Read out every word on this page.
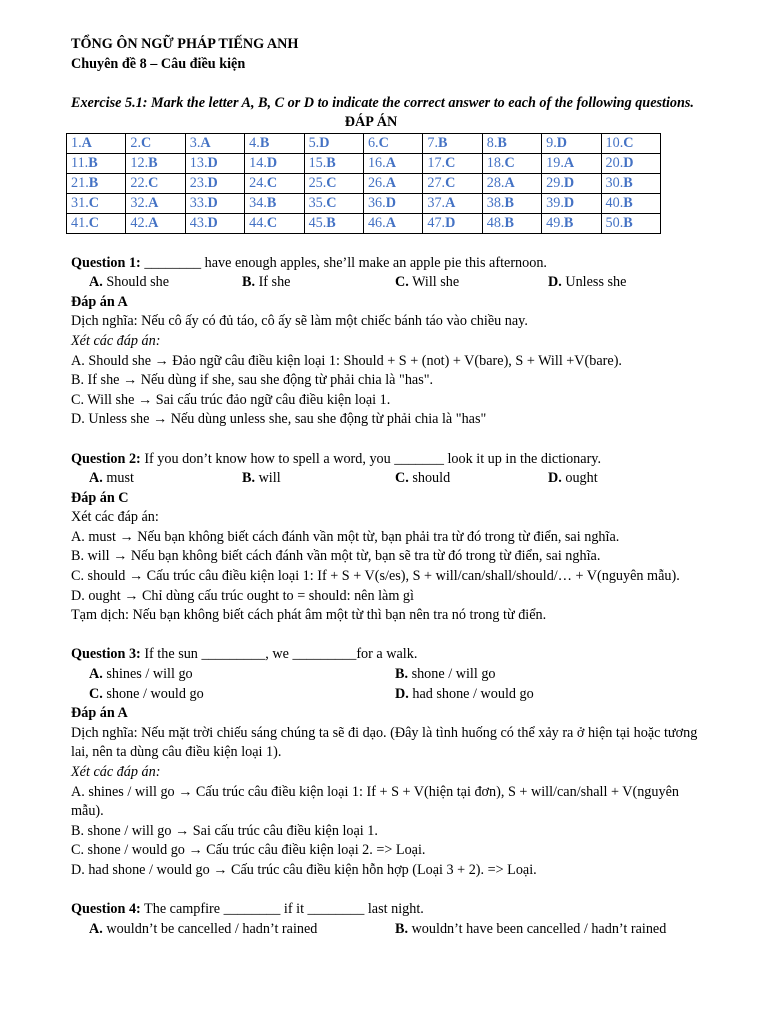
TỔNG ÔN NGỮ PHÁP TIẾNG ANH
Chuyên đề 8 – Câu điều kiện
Exercise 5.1: Mark the letter A, B, C or D to indicate the correct answer to each of the following questions.
ĐÁP ÁN
1.A	2.C	3.A	4.B	5.D	6.C	7.B	8.B	9.D	10.C
11.B	12.B	13.D	14.D	15.B	16.A	17.C	18.C	19.A	20.D
21.B	22.C	23.D	24.C	25.C	26.A	27.C	28.A	29.D	30.B
31.C	32.A	33.D	34.B	35.C	36.D	37.A	38.B	39.D	40.B
41.C	42.A	43.D	44.C	45.B	46.A	47.D	48.B	49.B	50.B
Question 1: ________ have enough apples, she’ll make an apple pie this afternoon.
A. Should she	B. If she	C. Will she	D. Unless she
Đáp án A
Dịch nghĩa: Nếu cô ấy có đủ táo, cô ấy sẽ làm một chiếc bánh táo vào chiều nay.
Xét các đáp án:
A. Should she → Đảo ngữ câu điều kiện loại 1: Should + S + (not) + V(bare), S + Will +V(bare).
B. If she → Nếu dùng if she, sau she động từ phải chia là "has".
C. Will she → Sai cấu trúc đảo ngữ câu điều kiện loại 1.
D. Unless she → Nếu dùng unless she, sau she động từ phải chia là "has"
Question 2: If you don’t know how to spell a word, you _______ look it up in the dictionary.
A. must	B. will	C. should	D. ought
Đáp án C
Xét các đáp án:
A. must → Nếu bạn không biết cách đánh vần một từ, bạn phải tra từ đó trong từ điển, sai nghĩa.
B. will → Nếu bạn không biết cách đánh vần một từ, bạn sẽ tra từ đó trong từ điển, sai nghĩa.
C. should → Cấu trúc câu điều kiện loại 1: If + S + V(s/es), S + will/can/shall/should/… + V(nguyên mẫu).
D. ought → Chỉ dùng cấu trúc ought to = should: nên làm gì
Tạm dịch: Nếu bạn không biết cách phát âm một từ thì bạn nên tra nó trong từ điển.
Question 3: If the sun _________, we _________for a walk.
A. shines / will go	B. shone / will go
C. shone / would go	D. had shone / would go
Đáp án A
Dịch nghĩa: Nếu mặt trời chiếu sáng chúng ta sẽ đi dạo. (Đây là tình huống có thể xảy ra ở hiện tại hoặc tương lai, nên ta dùng câu điều kiện loại 1).
Xét các đáp án:
A. shines / will go → Cấu trúc câu điều kiện loại 1: If + S + V(hiện tại đơn), S + will/can/shall + V(nguyên mẫu).
B. shone / will go → Sai cấu trúc câu điều kiện loại 1.
C. shone / would go → Cấu trúc câu điều kiện loại 2. => Loại.
D. had shone / would go → Cấu trúc câu điều kiện hỗn hợp (Loại 3 + 2). => Loại.
Question 4: The campfire ________ if it ________ last night.
A. wouldn’t be cancelled / hadn’t rained	B. wouldn’t have been cancelled / hadn’t rained
